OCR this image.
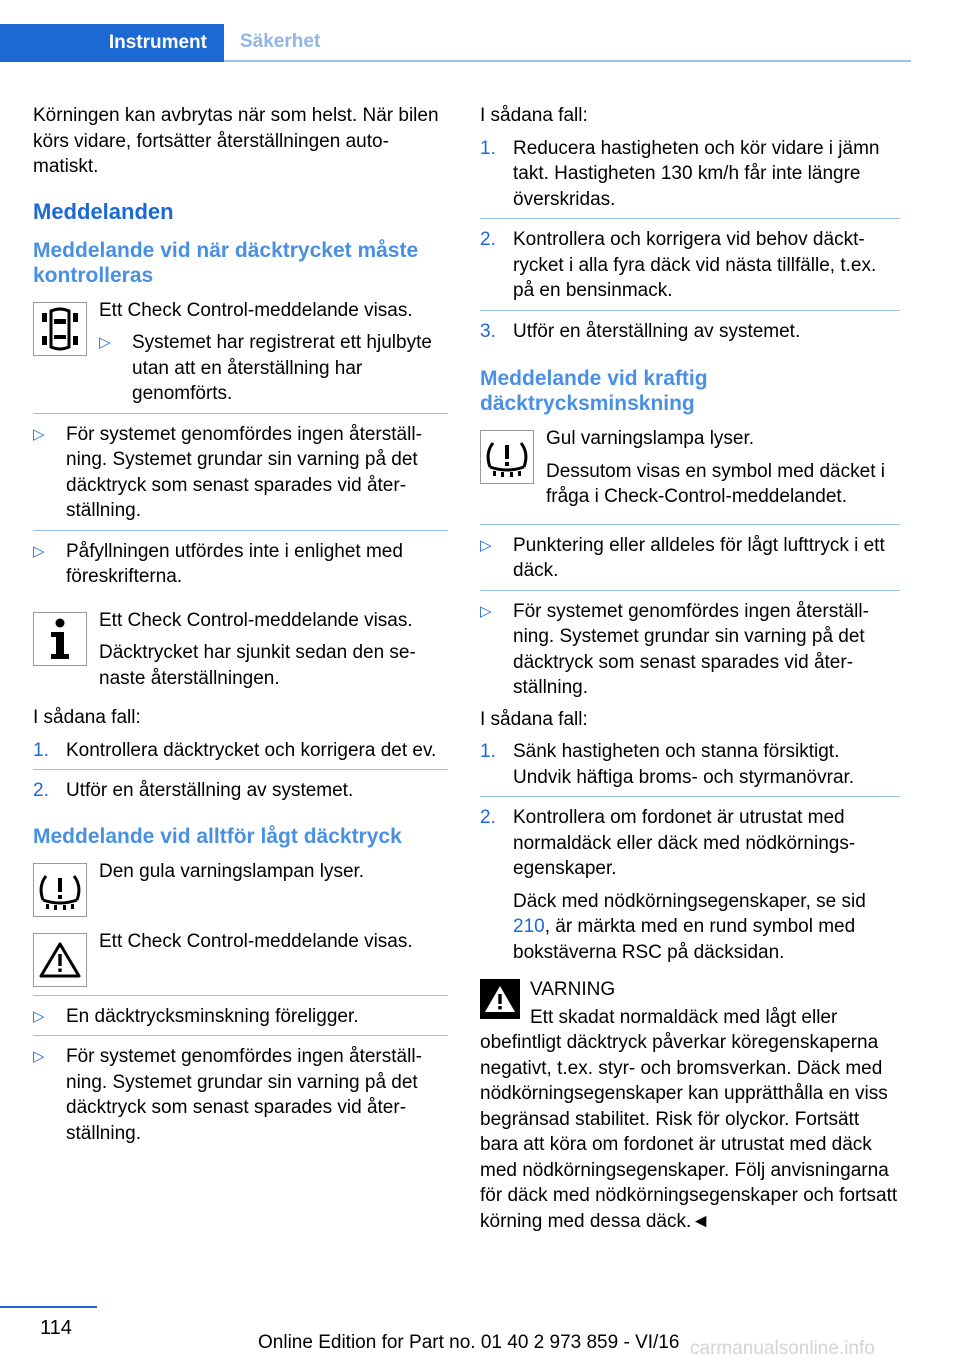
Instrument	Säkerhet

Körningen kan avbrytas när som helst. När bilen körs vidare, fortsätter återställningen automatiskt.

Meddelanden
Meddelande vid när däcktrycket måste kontrolleras

Ett Check Control-meddelande visas.

▷ Systemet har registrerat ett hjulbyte utan att en återställning har genomförts.
▷ För systemet genomfördes ingen återställning. Systemet grundar sin varning på det däcktryck som senast sparades vid återställning.
▷ Påfyllningen utfördes inte i enlighet med föreskrifterna.

Ett Check Control-meddelande visas.

Däcktrycket har sjunkit sedan den senaste återställningen.

I sådana fall:

1. Kontrollera däcktrycket och korrigera det ev.
2. Utför en återställning av systemet.
Meddelande vid alltför lågt däcktryck

Den gula varningslampan lyser.

Ett Check Control-meddelande visas.

▷ En däcktrycksminskning föreligger.
▷ För systemet genomfördes ingen återställning. Systemet grundar sin varning på det däcktryck som senast sparades vid återställning.

I sådana fall:

1. Reducera hastigheten och kör vidare i jämn takt. Hastigheten 130 km/h får inte längre överskridas.
2. Kontrollera och korrigera vid behov däcktrycket i alla fyra däck vid nästa tillfälle, t.ex. på en bensinmack.
3. Utför en återställning av systemet.
Meddelande vid kraftig däcktrycksminskning

Gul varningslampa lyser.

Dessutom visas en symbol med däcket i fråga i Check-Control-meddelandet.

▷ Punktering eller alldeles för lågt lufttryck i ett däck.
▷ För systemet genomfördes ingen återställning. Systemet grundar sin varning på det däcktryck som senast sparades vid återställning.

I sådana fall:

1. Sänk hastigheten och stanna försiktigt. Undvik häftiga broms- och styrmanövrar.
2. Kontrollera om fordonet är utrustat med normaldäck eller däck med nödkörningsegenskaper.

Däck med nödkörningsegenskaper, se sid 210, är märkta med en rund symbol med bokstäverna RSC på däcksidan.

VARNING

Ett skadat normaldäck med lågt eller obefintligt däcktryck påverkar köregenskaperna negativt, t.ex. styr- och bromsverkan. Däck med nödkörningsegenskaper kan upprätthålla en viss begränsad stabilitet. Risk för olyckor. Fortsätt bara att köra om fordonet är utrustat med däck med nödkörningsegenskaper. Följ anvisningarna för däck med nödkörningsegenskaper och fortsatt körning med dessa däck.◄

114
Online Edition for Part no. 01 40 2 973 859 - VI/16 carmanualsonline.info
